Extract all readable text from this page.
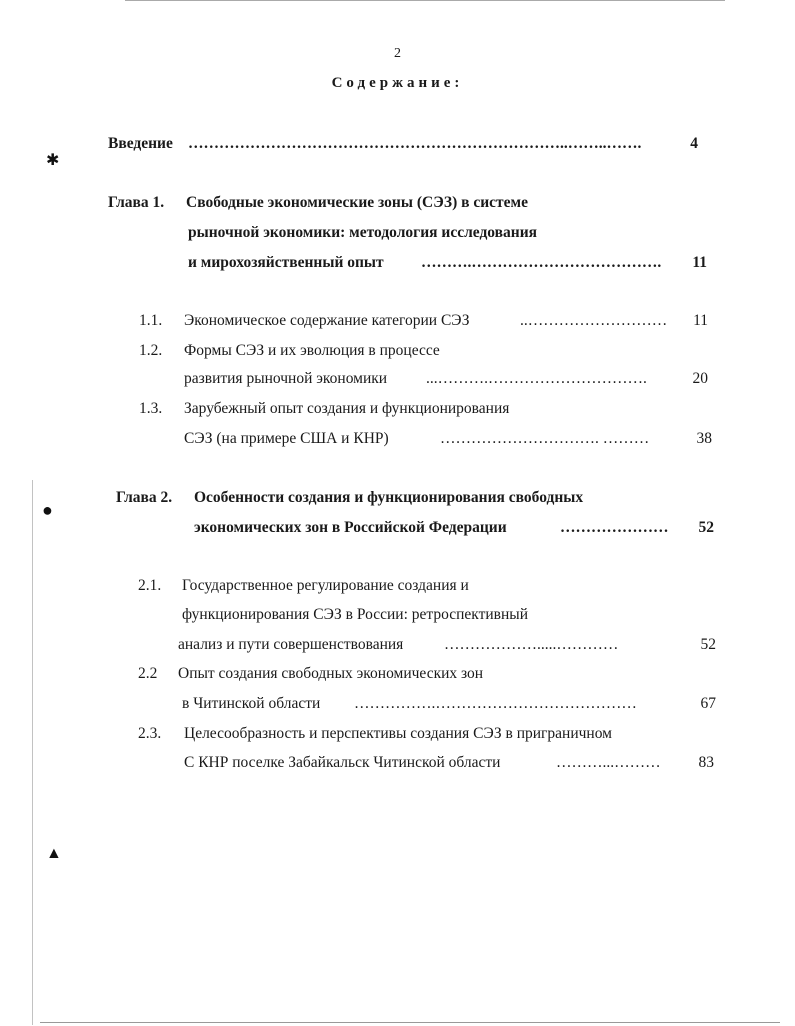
✱
●
▲
2
Содержание:
Введение ………………………………………………………………..……..…….	4
Глава 1. Свободные экономические зоны (СЭЗ) в системе
рыночной экономики: методология исследования
и мирохозяйственный опыт ……….……………………………….	11
1.1. Экономическое содержание категории СЭЗ	..………………………	11
1.2. Формы СЭЗ и их эволюция в процессе
развития рыночной экономики	...……….………………………….	20
1.3. Зарубежный опыт создания и функционирования
СЭЗ (на примере США и КНР)	…………………………. ………	38
Глава 2. Особенности создания и функционирования свободных
экономических зон в Российской Федерации	…………………	52
2.1. Государственное регулирование создания и
функционирования СЭЗ в России: ретроспективный
анализ и пути совершенствования	……………….....…………	52
2.2 Опыт создания свободных экономических зон
в Читинской области …………….…………………………………	67
2.3. Целесообразность и перспективы создания СЭЗ в приграничном
С КНР поселке Забайкальск Читинской области	………...………	83
